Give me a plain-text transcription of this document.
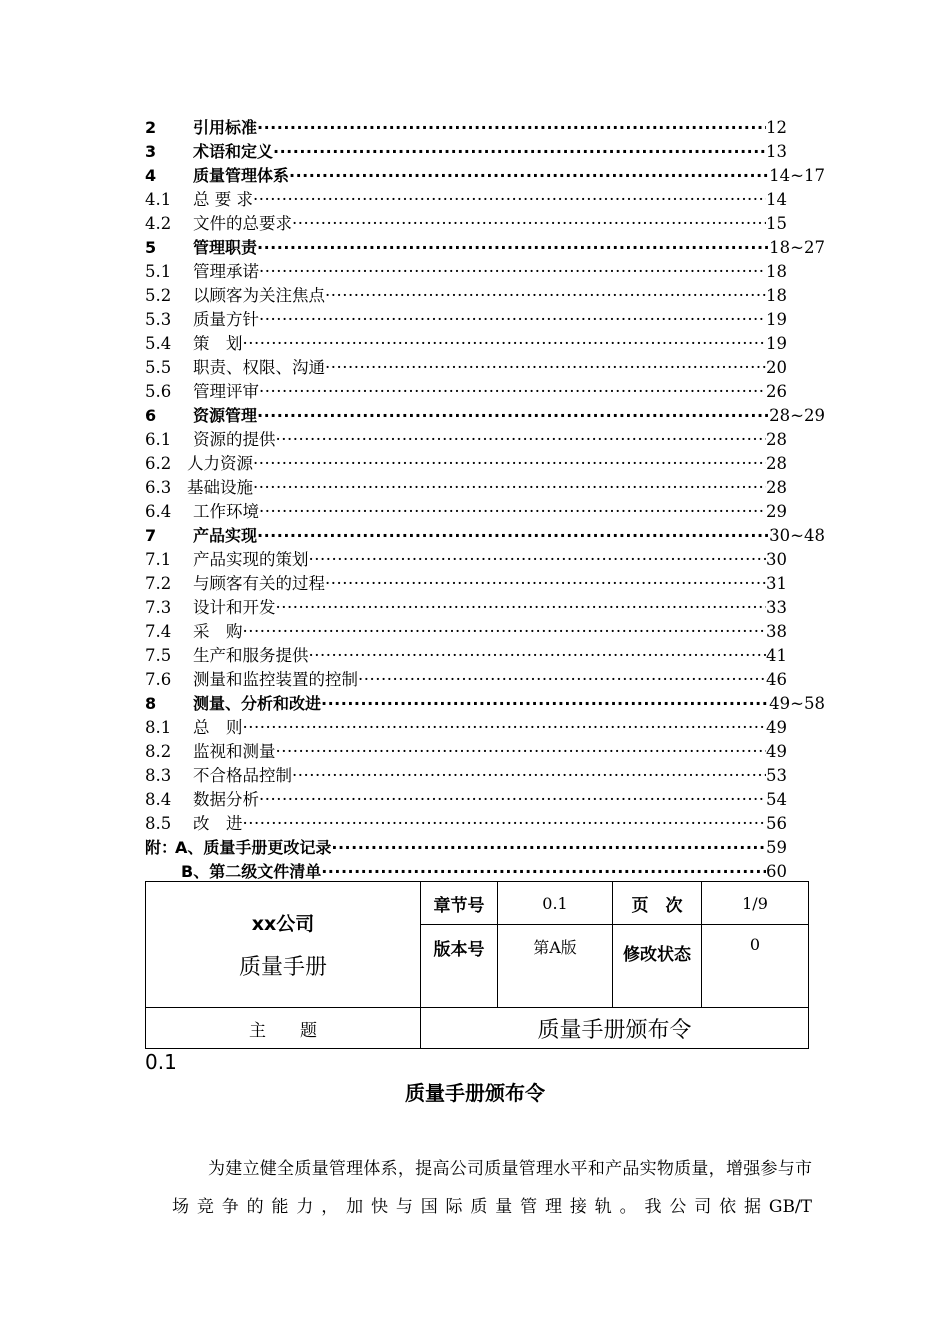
2 引用标准 ·····	12
3 术语和定义 ·····	13
4 质量管理体系 ·····	14~17
4.1 总 要 求 ·····	14
4.2 文件的总要求 ·····	15
5 管理职责 ·····	18~27
5.1 管理承诺 ·····	18
5.2 以顾客为关注焦点 ·····	18
5.3 质量方针 ·····	19
5.4 策　划 ·····	19
5.5 职责、权限、沟通 ·····	20
5.6 管理评审 ·····	26
6 资源管理 ·····	28~29
6.1 资源的提供 ·····	28
6.2 人力资源 ·····	28
6.3 基础设施 ·····	28
6.4 工作环境 ·····	29
7 产品实现 ·····	30~48
7.1 产品实现的策划 ·····	30
7.2 与顾客有关的过程 ·····	31
7.3 设计和开发 ·····	33
7.4 采　购 ·····	38
7.5 生产和服务提供 ·····	41
7.6 测量和监控装置的控制 ·····	46
8 测量、分析和改进 ·····	49~58
8.1 总　则 ·····	49
8.2 监视和测量 ·····	49
8.3 不合格品控制 ·····	53
8.4 数据分析 ·····	54
8.5 改　进 ·····	56
附：
A、质量手册更改记录 ·····	59
B、第二级文件清单 ·····	60
xx公司
质量手册	章节号	0.1	页　次	1/9
	版本号	第A版	修改状态	0
主　　题	质量手册颁布令			
0.1
质量手册颁布令
为建立健全质量管理体系，提高公司质量管理水平和产品实物质量，增强参与市场竞争的能力，加快与国际质量管理接轨。我公司依据GB/T
